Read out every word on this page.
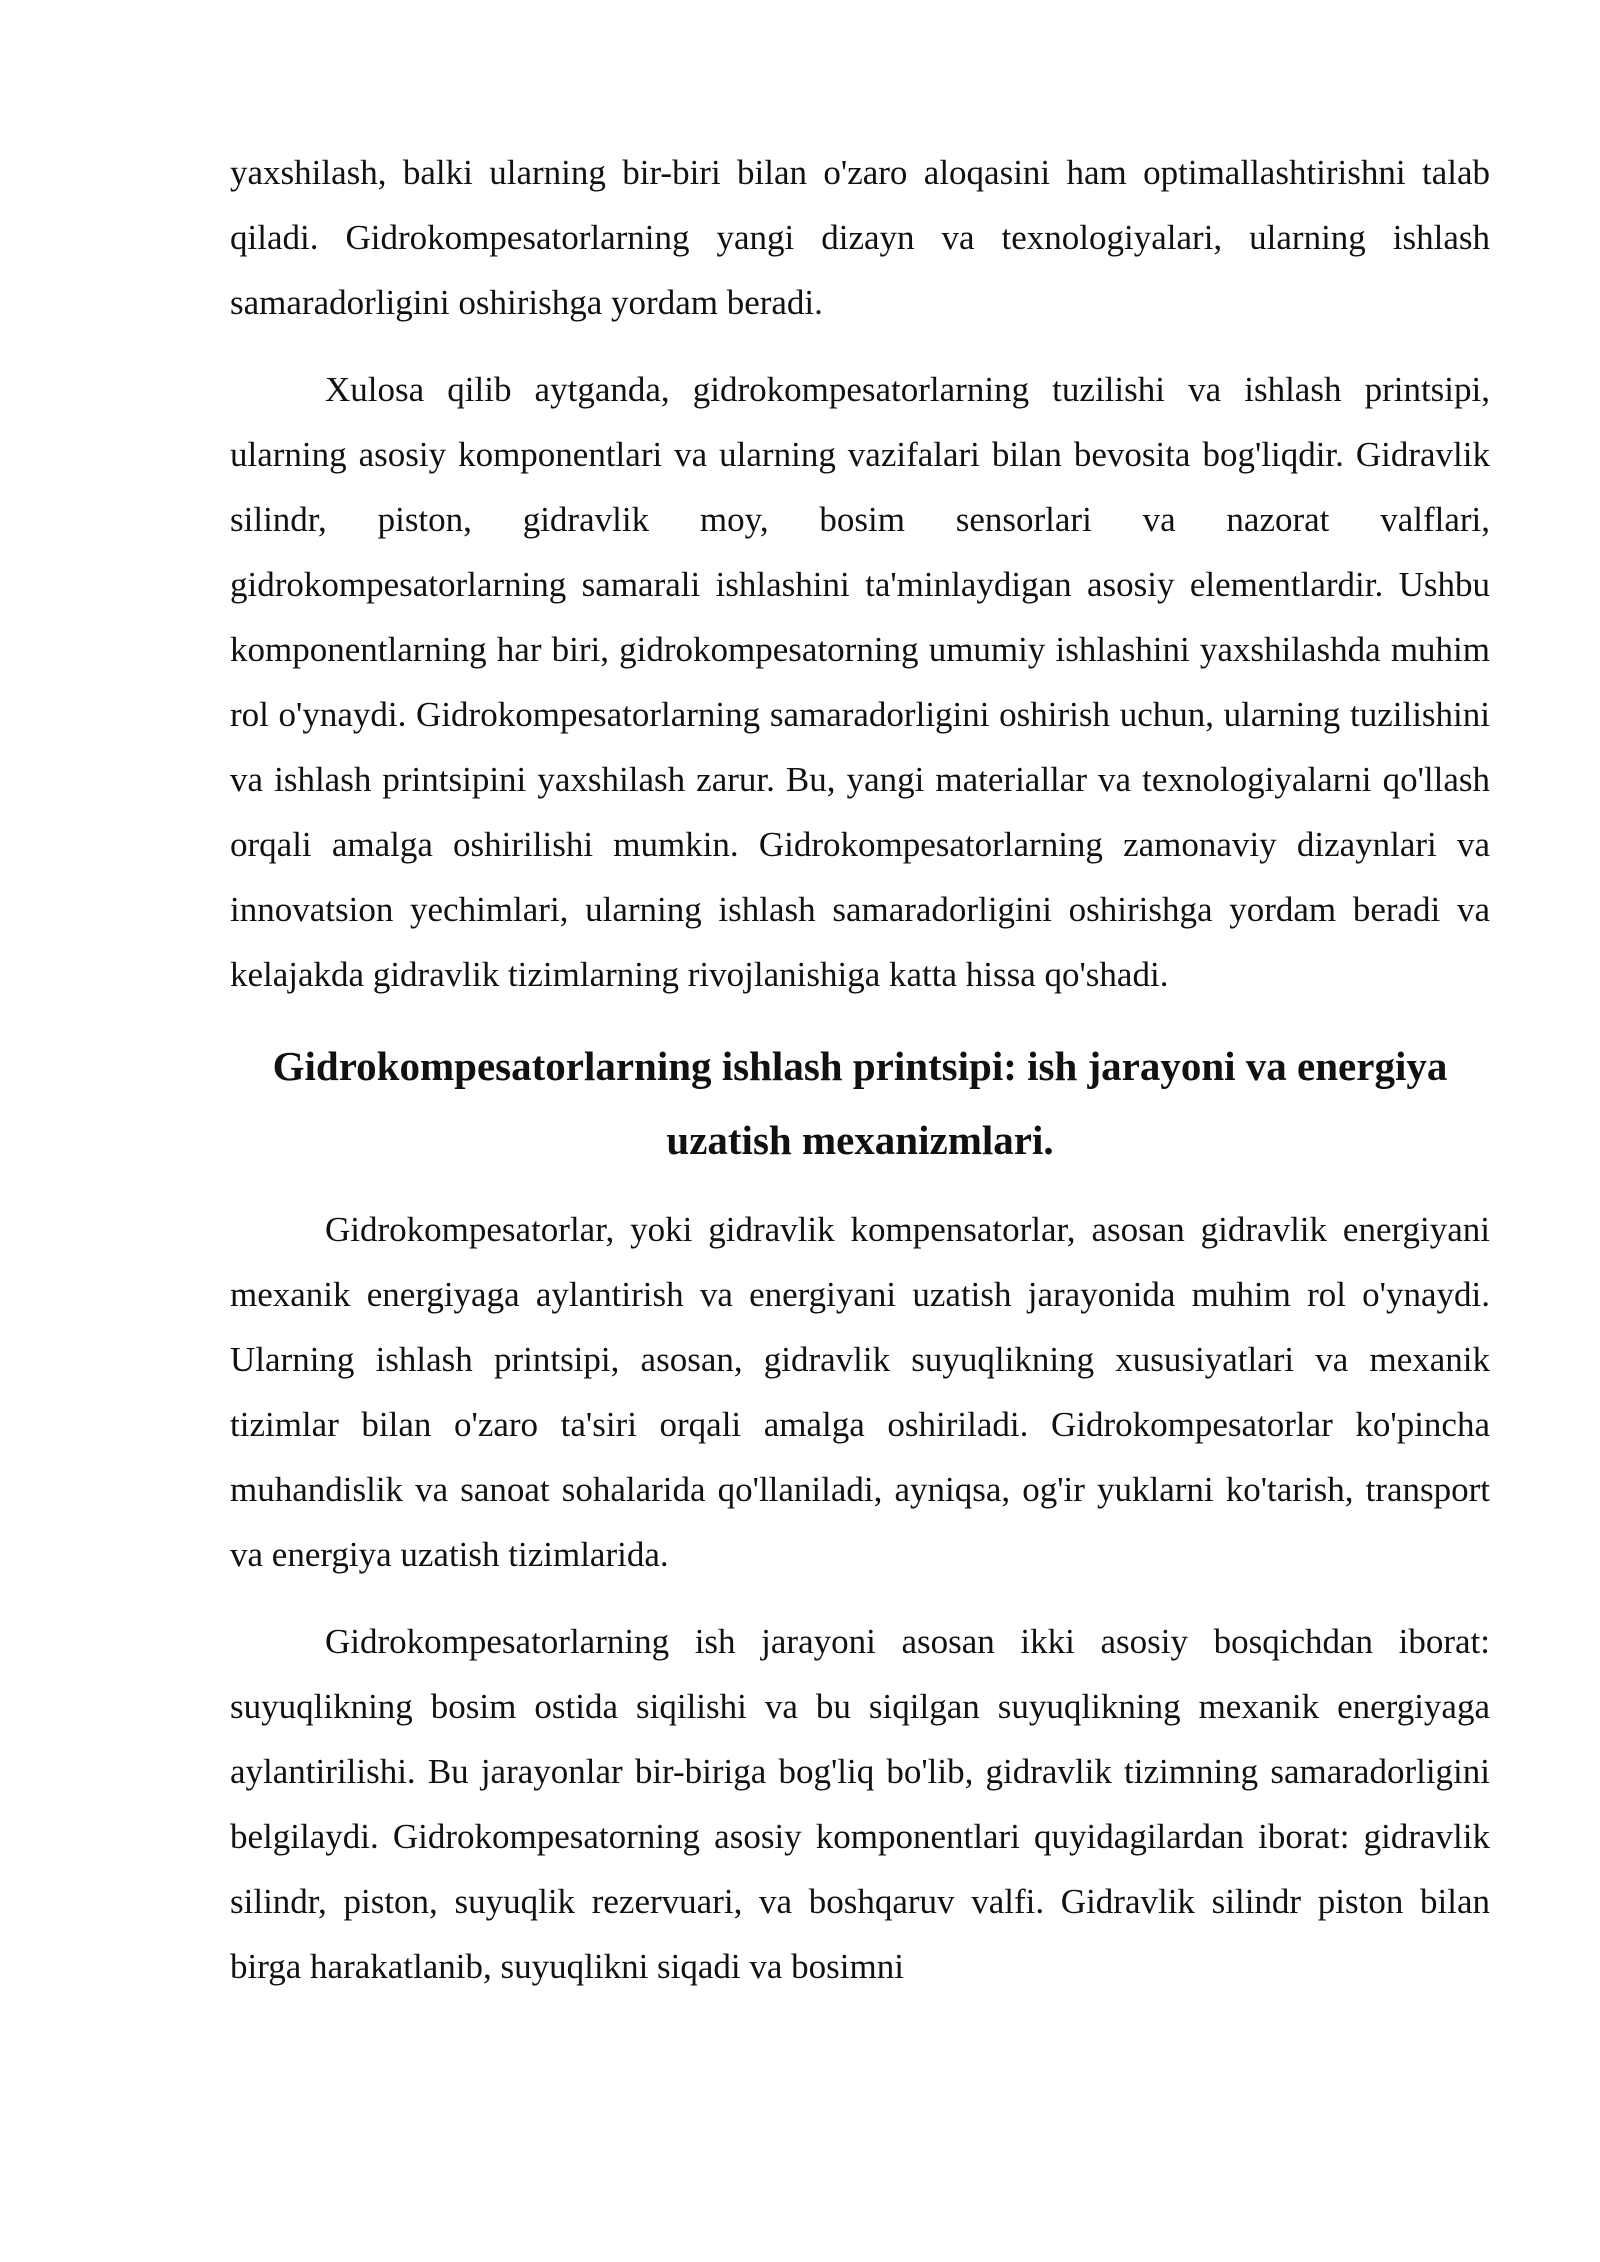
yaxshilash, balki ularning bir-biri bilan o'zaro aloqasini ham optimallashtirishni talab qiladi. Gidrokompesatorlarning yangi dizayn va texnologiyalari, ularning ishlash samaradorligini oshirishga yordam beradi.

Xulosa qilib aytganda, gidrokompesatorlarning tuzilishi va ishlash printsipi, ularning asosiy komponentlari va ularning vazifalari bilan bevosita bog'liqdir. Gidravlik silindr, piston, gidravlik moy, bosim sensorlari va nazorat valflari, gidrokompesatorlarning samarali ishlashini ta'minlaydigan asosiy elementlardir. Ushbu komponentlarning har biri, gidrokompesatorning umumiy ishlashini yaxshilashda muhim rol o'ynaydi. Gidrokompesatorlarning samaradorligini oshirish uchun, ularning tuzilishini va ishlash printsipini yaxshilash zarur. Bu, yangi materiallar va texnologiyalarni qo'llash orqali amalga oshirilishi mumkin. Gidrokompesatorlarning zamonaviy dizaynlari va innovatsion yechimlari, ularning ishlash samaradorligini oshirishga yordam beradi va kelajakda gidravlik tizimlarning rivojlanishiga katta hissa qo'shadi.

Gidrokompesatorlarning ishlash printsipi: ish jarayoni va energiya uzatish mexanizmlari.

Gidrokompesatorlar, yoki gidravlik kompensatorlar, asosan gidravlik energiyani mexanik energiyaga aylantirish va energiyani uzatish jarayonida muhim rol o'ynaydi. Ularning ishlash printsipi, asosan, gidravlik suyuqlikning xususiyatlari va mexanik tizimlar bilan o'zaro ta'siri orqali amalga oshiriladi. Gidrokompesatorlar ko'pincha muhandislik va sanoat sohalarida qo'llaniladi, ayniqsa, og'ir yuklarni ko'tarish, transport va energiya uzatish tizimlarida.

Gidrokompesatorlarning ish jarayoni asosan ikki asosiy bosqichdan iborat: suyuqlikning bosim ostida siqilishi va bu siqilgan suyuqlikning mexanik energiyaga aylantirilishi. Bu jarayonlar bir-biriga bog'liq bo'lib, gidravlik tizimning samaradorligini belgilaydi. Gidrokompesatorning asosiy komponentlari quyidagilardan iborat: gidravlik silindr, piston, suyuqlik rezervuari, va boshqaruv valfi. Gidravlik silindr piston bilan birga harakatlanib, suyuqlikni siqadi va bosimni
